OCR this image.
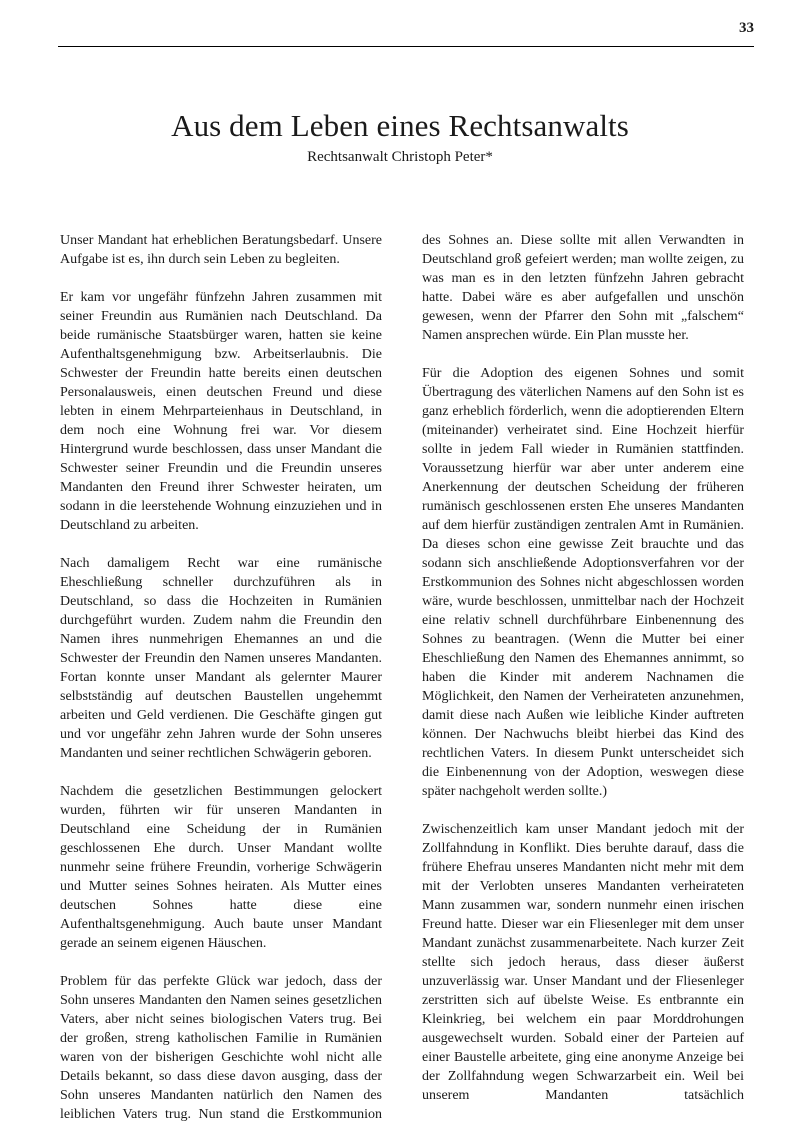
33
Aus dem Leben eines Rechtsanwalts
Rechtsanwalt Christoph Peter*

Unser Mandant hat erheblichen Beratungsbedarf. Unsere Aufgabe ist es, ihn durch sein Leben zu begleiten.

Er kam vor ungefähr fünfzehn Jahren zusammen mit seiner Freundin aus Rumänien nach Deutschland. Da beide rumänische Staatsbürger waren, hatten sie keine Aufenthaltsgenehmigung bzw. Arbeitserlaubnis. Die Schwester der Freundin hatte bereits einen deutschen Personalausweis, einen deutschen Freund und diese lebten in einem Mehrparteienhaus in Deutschland, in dem noch eine Wohnung frei war. Vor diesem Hintergrund wurde beschlossen, dass unser Mandant die Schwester seiner Freundin und die Freundin unseres Mandanten den Freund ihrer Schwester heiraten, um sodann in die leerstehende Wohnung einzuziehen und in Deutschland zu arbeiten.

Nach damaligem Recht war eine rumänische Eheschließung schneller durchzuführen als in Deutschland, so dass die Hochzeiten in Rumänien durchgeführt wurden. Zudem nahm die Freundin den Namen ihres nunmehrigen Ehemannes an und die Schwester der Freundin den Namen unseres Mandanten. Fortan konnte unser Mandant als gelernter Maurer selbstständig auf deutschen Baustellen ungehemmt arbeiten und Geld verdienen. Die Geschäfte gingen gut und vor ungefähr zehn Jahren wurde der Sohn unseres Mandanten und seiner rechtlichen Schwägerin geboren.

Nachdem die gesetzlichen Bestimmungen gelockert wurden, führten wir für unseren Mandanten in Deutschland eine Scheidung der in Rumänien geschlossenen Ehe durch. Unser Mandant wollte nunmehr seine frühere Freundin, vorherige Schwägerin und Mutter seines Sohnes heiraten. Als Mutter eines deutschen Sohnes hatte diese eine Aufenthaltsgenehmigung. Auch baute unser Mandant gerade an seinem eigenen Häuschen.

Problem für das perfekte Glück war jedoch, dass der Sohn unseres Mandanten den Namen seines gesetzlichen Vaters, aber nicht seines biologischen Vaters trug. Bei der großen, streng katholischen Familie in Rumänien waren von der bisherigen Geschichte wohl nicht alle Details bekannt, so dass diese davon ausging, dass der Sohn unseres Mandanten natürlich den Namen des leiblichen Vaters trug. Nun stand die Erstkommunion

des Sohnes an. Diese sollte mit allen Verwandten in Deutschland groß gefeiert werden; man wollte zeigen, zu was man es in den letzten fünfzehn Jahren gebracht hatte. Dabei wäre es aber aufgefallen und unschön gewesen, wenn der Pfarrer den Sohn mit „falschem“ Namen ansprechen würde. Ein Plan musste her.

Für die Adoption des eigenen Sohnes und somit Übertragung des väterlichen Namens auf den Sohn ist es ganz erheblich förderlich, wenn die adoptierenden Eltern (miteinander) verheiratet sind. Eine Hochzeit hierfür sollte in jedem Fall wieder in Rumänien stattfinden. Voraussetzung hierfür war aber unter anderem eine Anerkennung der deutschen Scheidung der früheren rumänisch geschlossenen ersten Ehe unseres Mandanten auf dem hierfür zuständigen zentralen Amt in Rumänien. Da dieses schon eine gewisse Zeit brauchte und das sodann sich anschließende Adoptionsverfahren vor der Erstkommunion des Sohnes nicht abgeschlossen worden wäre, wurde beschlossen, unmittelbar nach der Hochzeit eine relativ schnell durchführbare Einbenennung des Sohnes zu beantragen. (Wenn die Mutter bei einer Eheschließung den Namen des Ehemannes annimmt, so haben die Kinder mit anderem Nachnamen die Möglichkeit, den Namen der Verheirateten anzunehmen, damit diese nach Außen wie leibliche Kinder auftreten können. Der Nachwuchs bleibt hierbei das Kind des rechtlichen Vaters. In diesem Punkt unterscheidet sich die Einbenennung von der Adoption, weswegen diese später nachgeholt werden sollte.)

Zwischenzeitlich kam unser Mandant jedoch mit der Zollfahndung in Konflikt. Dies beruhte darauf, dass die frühere Ehefrau unseres Mandanten nicht mehr mit dem mit der Verlobten unseres Mandanten verheirateten Mann zusammen war, sondern nunmehr einen irischen Freund hatte. Dieser war ein Fliesenleger mit dem unser Mandant zunächst zusammenarbeitete. Nach kurzer Zeit stellte sich jedoch heraus, dass dieser äußerst unzuverlässig war. Unser Mandant und der Fliesenleger zerstritten sich auf übelste Weise. Es entbrannte ein Kleinkrieg, bei welchem ein paar Morddrohungen ausgewechselt wurden. Sobald einer der Parteien auf einer Baustelle arbeitete, ging eine anonyme Anzeige bei der Zollfahndung wegen Schwarzarbeit ein. Weil bei unserem Mandanten tatsächlich
